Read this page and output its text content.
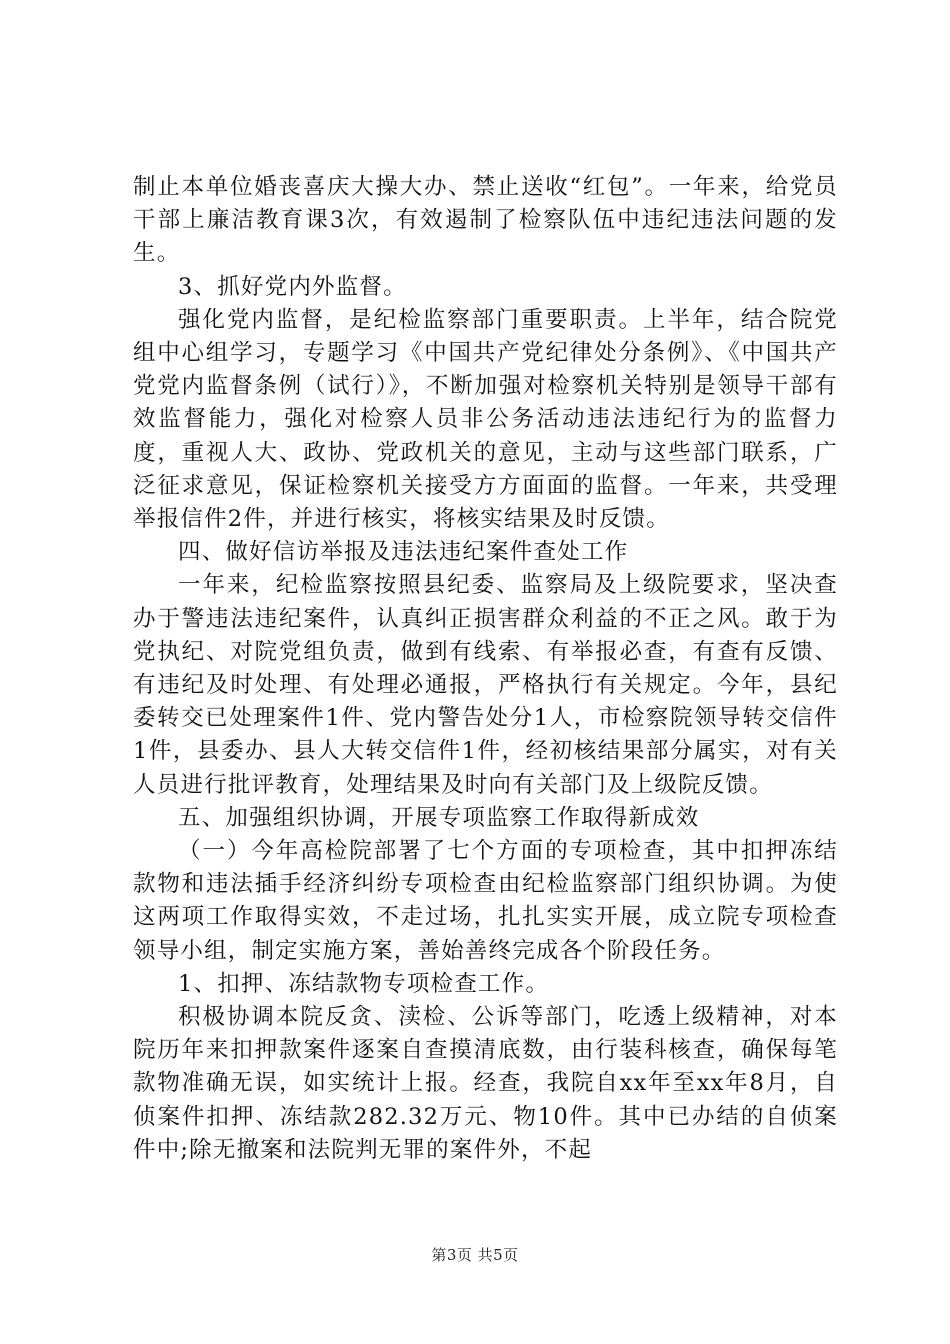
制止本单位婚丧喜庆大操大办、禁止送收“红包”。一年来，给党员干部上廉洁教育课3次，有效遏制了检察队伍中违纪违法问题的发生。

3、抓好党内外监督。

强化党内监督，是纪检监察部门重要职责。上半年，结合院党组中心组学习，专题学习《中国共产党纪律处分条例》、《中国共产党党内监督条例（试行）》，不断加强对检察机关特别是领导干部有效监督能力，强化对检察人员非公务活动违法违纪行为的监督力度，重视人大、政协、党政机关的意见，主动与这些部门联系，广泛征求意见，保证检察机关接受方方面面的监督。一年来，共受理举报信件2件，并进行核实，将核实结果及时反馈。

四、做好信访举报及违法违纪案件查处工作

一年来，纪检监察按照县纪委、监察局及上级院要求，坚决查办于警违法违纪案件，认真纠正损害群众利益的不正之风。敢于为党执纪、对院党组负责，做到有线索、有举报必查，有查有反馈、有违纪及时处理、有处理必通报，严格执行有关规定。今年，县纪委转交已处理案件1件、党内警告处分1人，市检察院领导转交信件1件，县委办、县人大转交信件1件，经初核结果部分属实，对有关人员进行批评教育，处理结果及时向有关部门及上级院反馈。

五、加强组织协调，开展专项监察工作取得新成效

（一）今年高检院部署了七个方面的专项检查，其中扣押冻结款物和违法插手经济纠纷专项检查由纪检监察部门组织协调。为使这两项工作取得实效，不走过场，扎扎实实开展，成立院专项检查领导小组，制定实施方案，善始善终完成各个阶段任务。

1、扣押、冻结款物专项检查工作。

积极协调本院反贪、渎检、公诉等部门，吃透上级精神，对本院历年来扣押款案件逐案自查摸清底数，由行装科核查，确保每笔款物准确无误，如实统计上报。经查，我院自xx年至xx年8月，自侦案件扣押、冻结款282.32万元、物10件。其中已办结的自侦案件中;除无撤案和法院判无罪的案件外，不起

第3页 共5页
